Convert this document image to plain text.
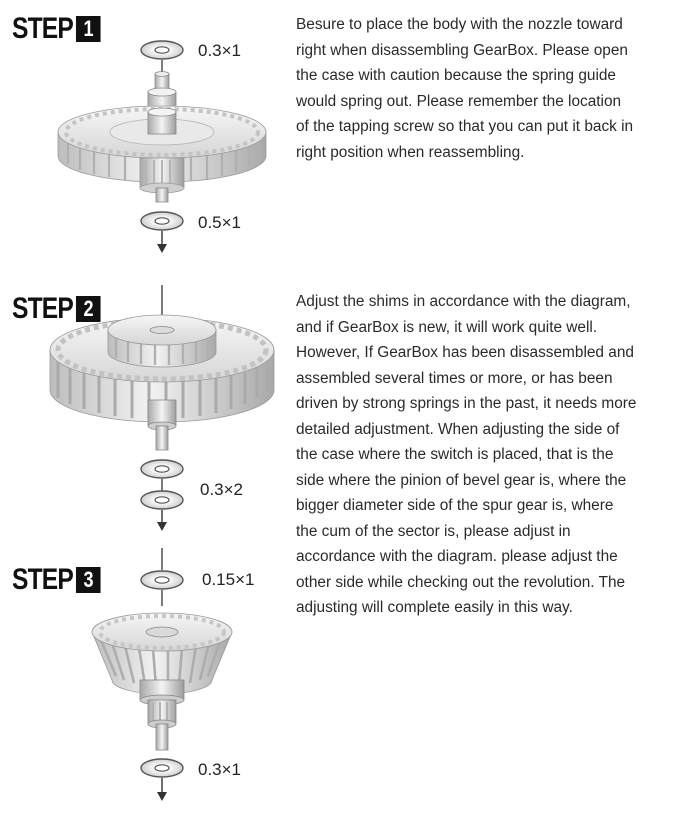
STEP 1
STEP 2
STEP 3
Besure to place the body with the nozzle toward
right when disassembling GearBox. Please open
the case with caution because the spring guide
would spring out. Please remember the location
of the tapping screw so that you can put it back in
right position when reassembling.
Adjust the shims in accordance with the diagram,
and if GearBox is new, it will work quite well.
However, If GearBox has been disassembled and
assembled several times or more, or has been
driven by strong springs in the past, it needs more
detailed adjustment. When adjusting the side of
the case where the switch is placed, that is the
side where the pinion of bevel gear is, where the
bigger diameter side of the spur gear is, where
the cum of the sector is, please adjust in
accordance with the diagram. please adjust the
other side while checking out the revolution. The
adjusting will complete easily in this way.
0.3×1
0.5×1
0.3×2
0.15×1
0.3×1
